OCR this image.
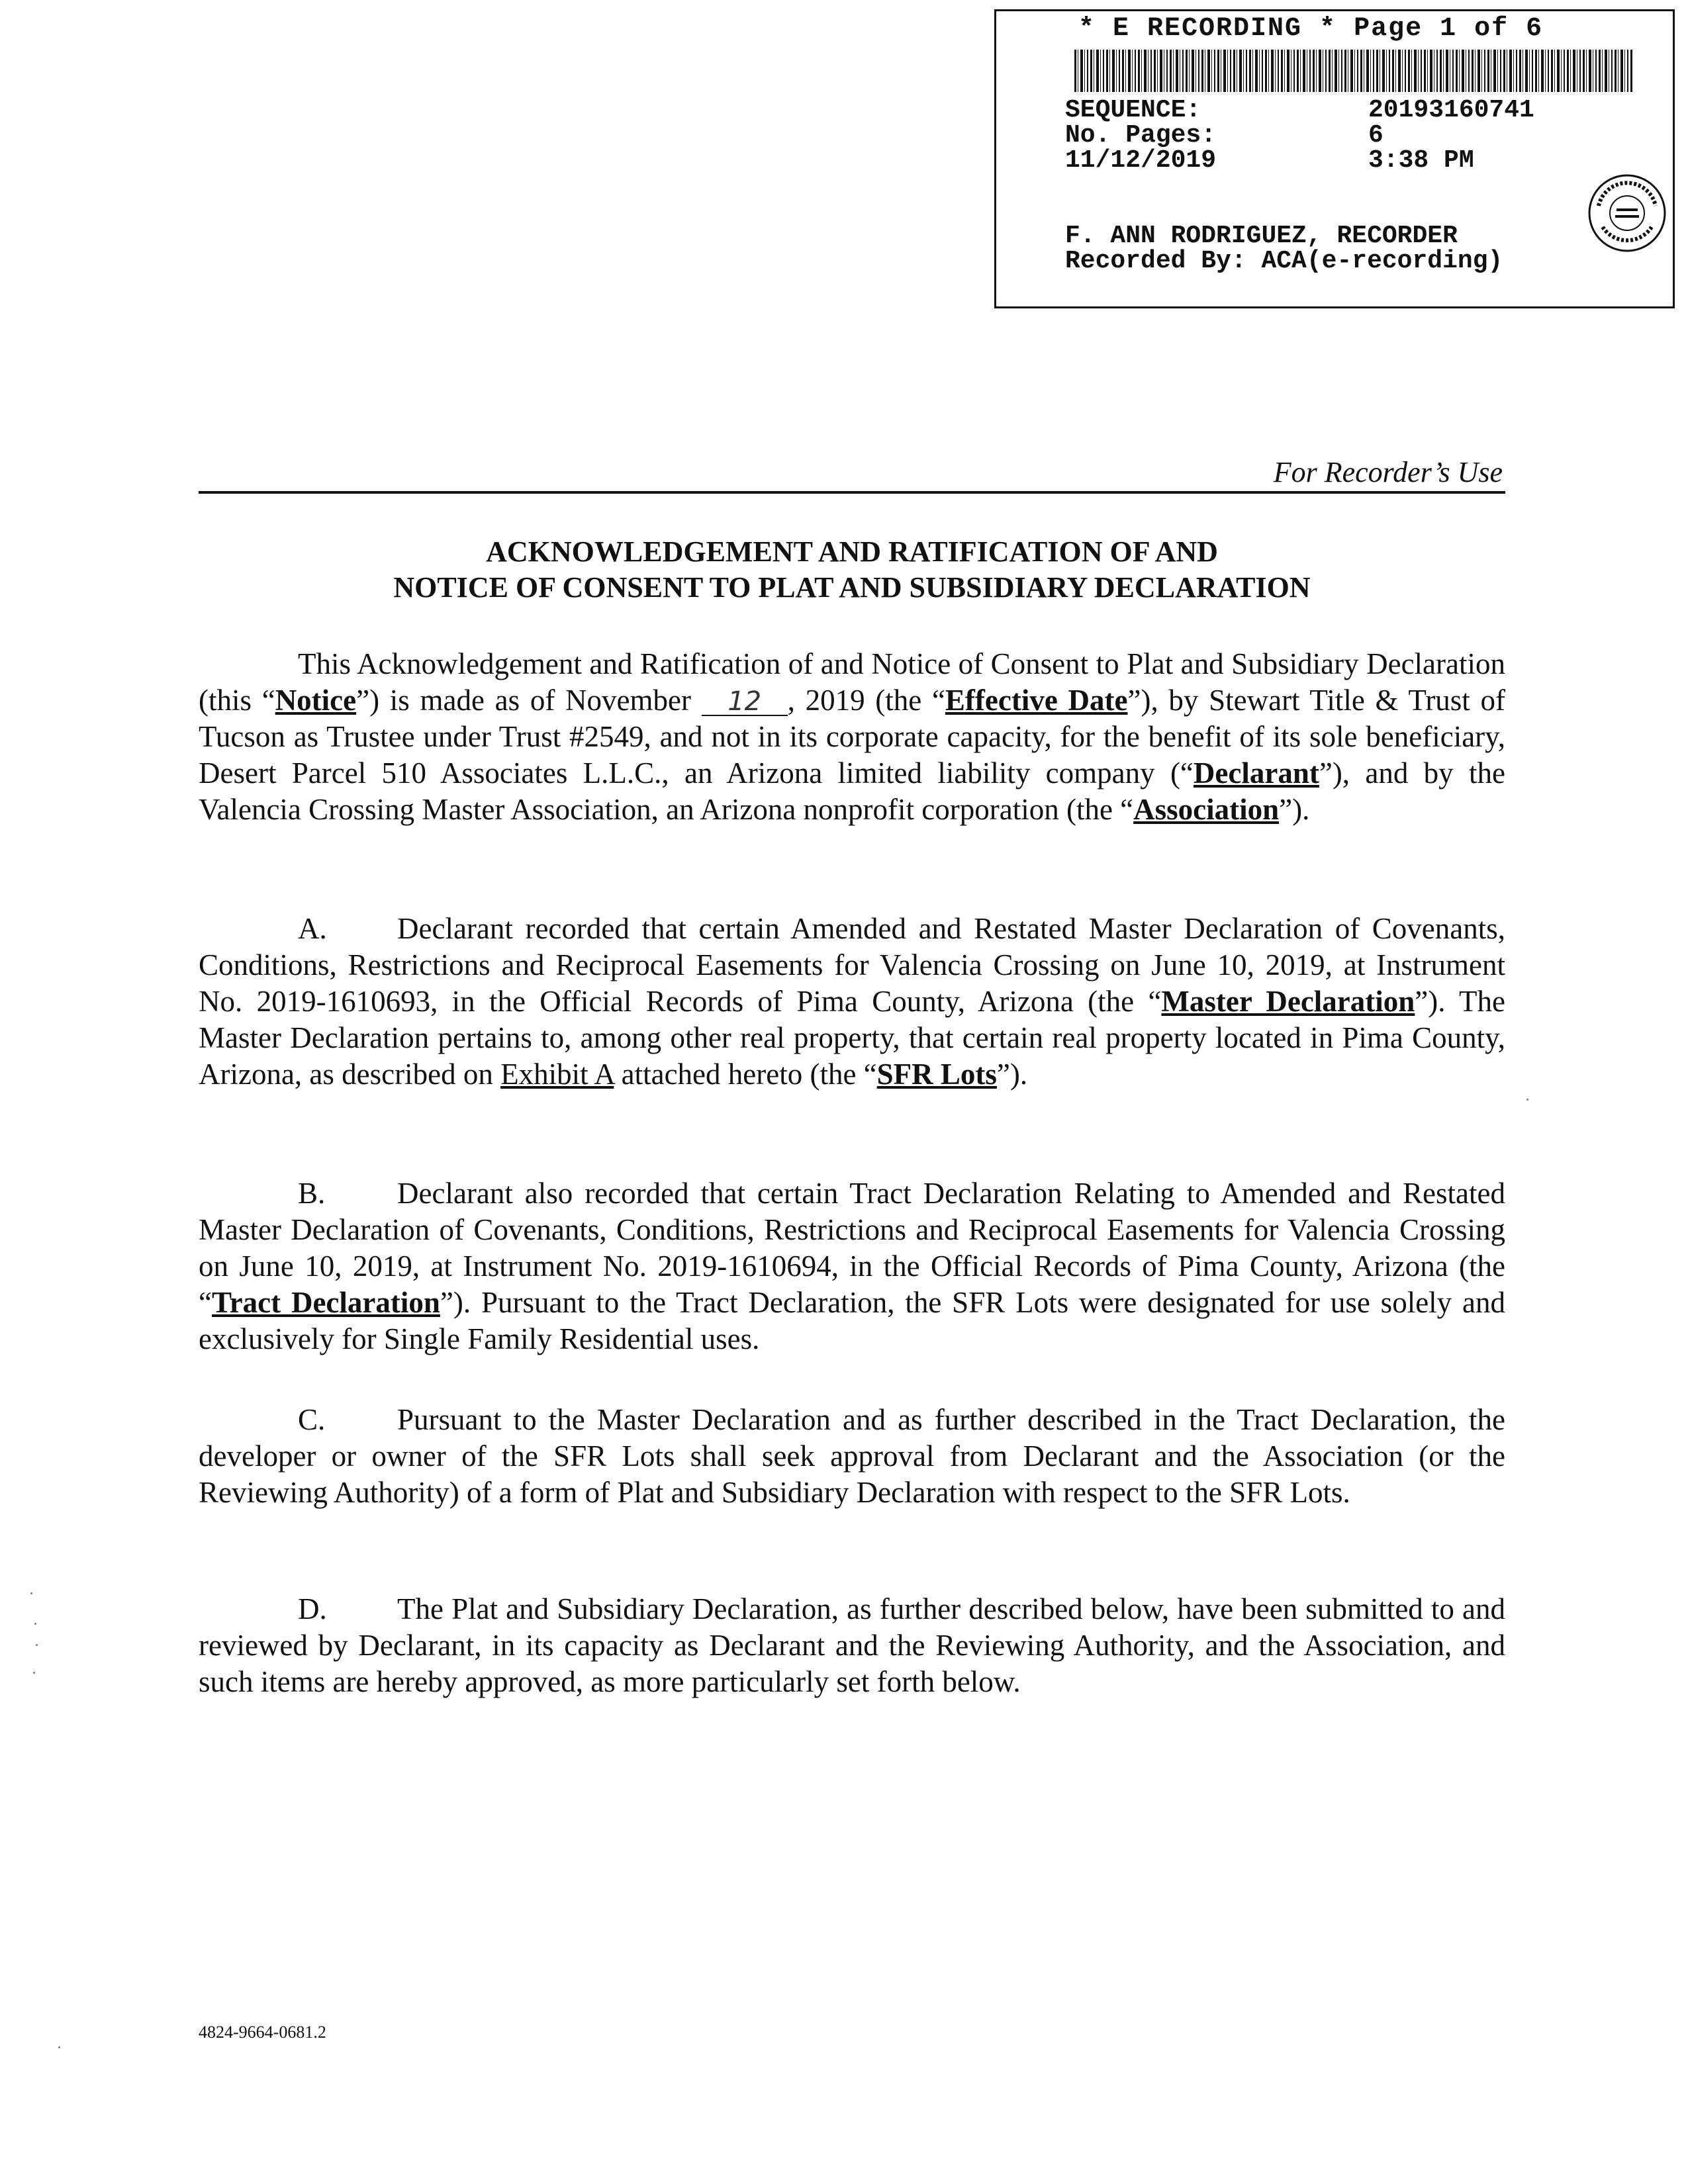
* E RECORDING * Page 1 of 6
SEQUENCE:	20193160741
No. Pages:	6
11/12/2019	3:38 PM
F. ANN RODRIGUEZ, RECORDER
Recorded By: ACA(e-recording)
For Recorder’s Use
ACKNOWLEDGEMENT AND RATIFICATION OF AND
NOTICE OF CONSENT TO PLAT AND SUBSIDIARY DECLARATION

This Acknowledgement and Ratification of and Notice of Consent to Plat and Subsidiary Declaration (this “Notice”) is made as of November 12 , 2019 (the “Effective Date”), by Stewart Title & Trust of Tucson as Trustee under Trust #2549, and not in its corporate capacity, for the benefit of its sole beneficiary, Desert Parcel 510 Associates L.L.C., an Arizona limited liability company (“Declarant”), and by the Valencia Crossing Master Association, an Arizona nonprofit corporation (the “Association”).

A. Declarant recorded that certain Amended and Restated Master Declaration of Covenants, Conditions, Restrictions and Reciprocal Easements for Valencia Crossing on June 10, 2019, at Instrument No. 2019-1610693, in the Official Records of Pima County, Arizona (the “Master Declaration”). The Master Declaration pertains to, among other real property, that certain real property located in Pima County, Arizona, as described on Exhibit A attached hereto (the “SFR Lots”).

B. Declarant also recorded that certain Tract Declaration Relating to Amended and Restated Master Declaration of Covenants, Conditions, Restrictions and Reciprocal Easements for Valencia Crossing on June 10, 2019, at Instrument No. 2019-1610694, in the Official Records of Pima County, Arizona (the “Tract Declaration”). Pursuant to the Tract Declaration, the SFR Lots were designated for use solely and exclusively for Single Family Residential uses.

C. Pursuant to the Master Declaration and as further described in the Tract Declaration, the developer or owner of the SFR Lots shall seek approval from Declarant and the Association (or the Reviewing Authority) of a form of Plat and Subsidiary Declaration with respect to the SFR Lots.

D. The Plat and Subsidiary Declaration, as further described below, have been submitted to and reviewed by Declarant, in its capacity as Declarant and the Reviewing Authority, and the Association, and such items are hereby approved, as more particularly set forth below.

4824-9664-0681.2
